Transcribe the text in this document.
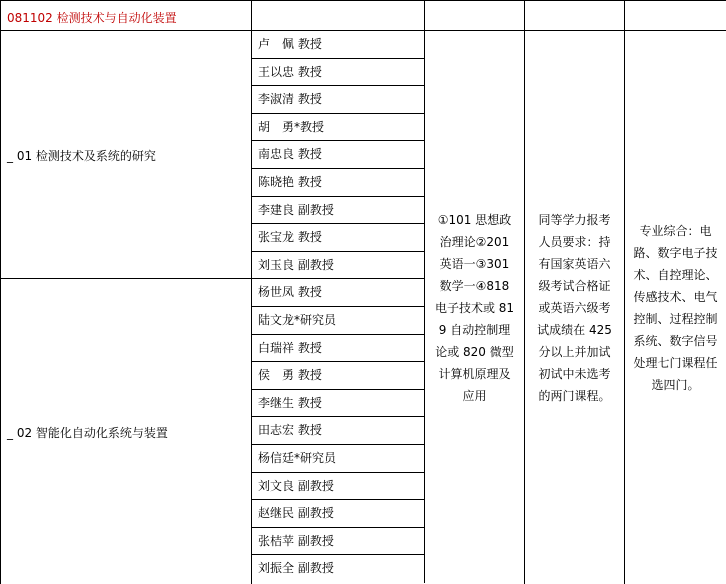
081102 检测技术与自动化装置
_ 01 检测技术及系统的研究
_ 02 智能化自动化系统与装置
卢　佩 教授
王以忠 教授
李淑清 教授
胡　勇*教授
南忠良 教授
陈晓艳 教授
李建良 副教授
张宝龙 教授
刘玉良 副教授
杨世凤 教授
陆文龙*研究员
白瑞祥 教授
侯　勇 教授
李继生 教授
田志宏 教授
杨信廷*研究员
刘文良 副教授
赵继民 副教授
张桔苹 副教授
刘振全 副教授
①101 思想政治理论②201 英语一③301 数学一④818 电子技术或 819 自动控制理论或 820 微型计算机原理及应用
同等学力报考人员要求：持有国家英语六级考试合格证或英语六级考试成绩在 425 分以上并加试初试中未选考的两门课程。
专业综合：电路、数字电子技术、自控理论、传感技术、电气控制、过程控制系统、数字信号处理七门课程任选四门。
